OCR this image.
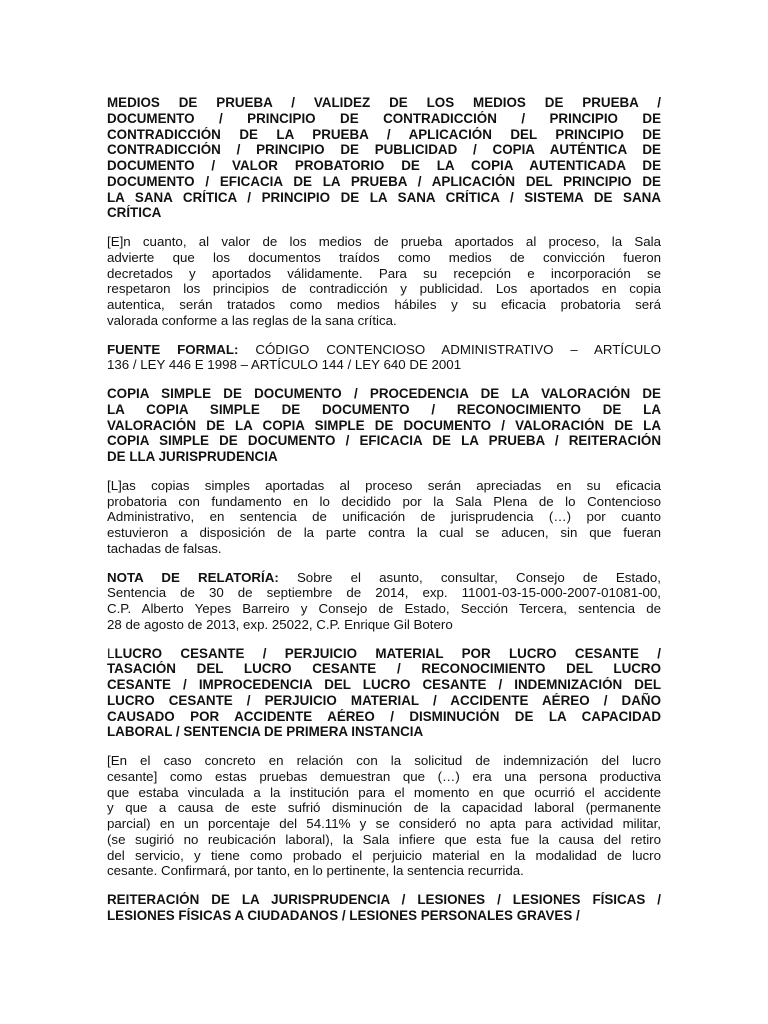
MEDIOS DE PRUEBA / VALIDEZ DE LOS MEDIOS DE PRUEBA /
DOCUMENTO / PRINCIPIO DE CONTRADICCIÓN / PRINCIPIO DE
CONTRADICCIÓN DE LA PRUEBA / APLICACIÓN DEL PRINCIPIO DE
CONTRADICCIÓN / PRINCIPIO DE PUBLICIDAD / COPIA AUTÉNTICA DE
DOCUMENTO / VALOR PROBATORIO DE LA COPIA AUTENTICADA DE
DOCUMENTO / EFICACIA DE LA PRUEBA / APLICACIÓN DEL PRINCIPIO DE
LA SANA CRÍTICA / PRINCIPIO DE LA SANA CRÍTICA / SISTEMA DE SANA
CRÍTICA
[E]n cuanto, al valor de los medios de prueba aportados al proceso, la Sala
advierte que los documentos traídos como medios de convicción fueron
decretados y aportados válidamente. Para su recepción e incorporación se
respetaron los principios de contradicción y publicidad. Los aportados en copia
autentica, serán tratados como medios hábiles y su eficacia probatoria será
valorada conforme a las reglas de la sana crítica.
FUENTE FORMAL: CÓDIGO CONTENCIOSO ADMINISTRATIVO – ARTÍCULO
136 / LEY 446 E 1998 – ARTÍCULO 144 / LEY 640 DE 2001
COPIA SIMPLE DE DOCUMENTO / PROCEDENCIA DE LA VALORACIÓN DE
LA COPIA SIMPLE DE DOCUMENTO / RECONOCIMIENTO DE LA
VALORACIÓN DE LA COPIA SIMPLE DE DOCUMENTO / VALORACIÓN DE LA
COPIA SIMPLE DE DOCUMENTO / EFICACIA DE LA PRUEBA / REITERACIÓN
DE LLA JURISPRUDENCIA
[L]as copias simples aportadas al proceso serán apreciadas en su eficacia
probatoria con fundamento en lo decidido por la Sala Plena de lo Contencioso
Administrativo, en sentencia de unificación de jurisprudencia (…) por cuanto
estuvieron a disposición de la parte contra la cual se aducen, sin que fueran
tachadas de falsas.
NOTA DE RELATORÍA: Sobre el asunto, consultar, Consejo de Estado,
Sentencia de 30 de septiembre de 2014, exp. 11001-03-15-000-2007-01081-00,
C.P. Alberto Yepes Barreiro y Consejo de Estado, Sección Tercera, sentencia de
28 de agosto de 2013, exp. 25022, C.P. Enrique Gil Botero
LLUCRO CESANTE / PERJUICIO MATERIAL POR LUCRO CESANTE /
TASACIÓN DEL LUCRO CESANTE / RECONOCIMIENTO DEL LUCRO
CESANTE / IMPROCEDENCIA DEL LUCRO CESANTE / INDEMNIZACIÓN DEL
LUCRO CESANTE / PERJUICIO MATERIAL / ACCIDENTE AÉREO / DAÑO
CAUSADO POR ACCIDENTE AÉREO / DISMINUCIÓN DE LA CAPACIDAD
LABORAL / SENTENCIA DE PRIMERA INSTANCIA
[En el caso concreto en relación con la solicitud de indemnización del lucro
cesante] como estas pruebas demuestran que (…) era una persona productiva
que estaba vinculada a la institución para el momento en que ocurrió el accidente
y que a causa de este sufrió disminución de la capacidad laboral (permanente
parcial) en un porcentaje del 54.11% y se consideró no apta para actividad militar,
(se sugirió no reubicación laboral), la Sala infiere que esta fue la causa del retiro
del servicio, y tiene como probado el perjuicio material en la modalidad de lucro
cesante. Confirmará, por tanto, en lo pertinente, la sentencia recurrida.
REITERACIÓN DE LA JURISPRUDENCIA / LESIONES / LESIONES FÍSICAS /
LESIONES FÍSICAS A CIUDADANOS / LESIONES PERSONALES GRAVES /
